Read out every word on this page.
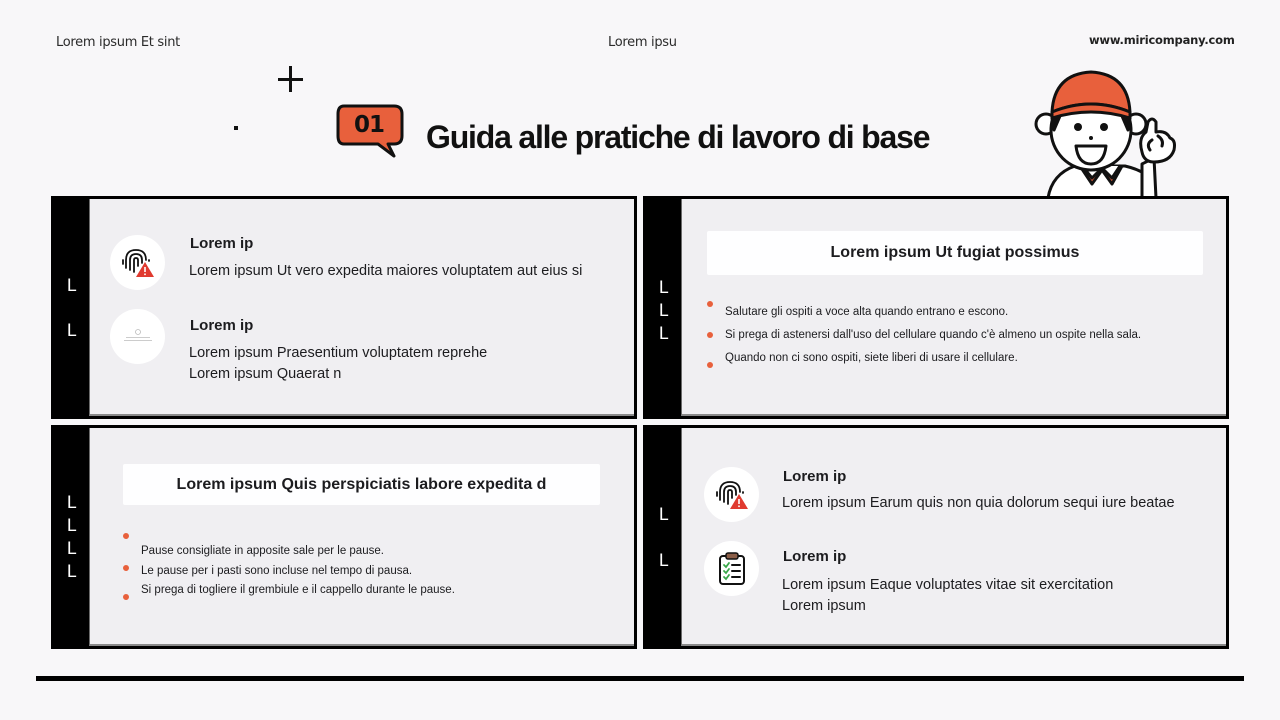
Lorem ipsum Et sint	Lorem ipsu	www.miricompany.com
01	Guida alle pratiche di lavoro di base
L
L
Lorem ip
Lorem ipsum Ut vero expedita maiores voluptatem aut eius si
Lorem ip
Lorem ipsum Praesentium voluptatem reprehe
Lorem ipsum Quaerat n
L
L
L
Lorem ipsum Ut fugiat possimus
Salutare gli ospiti a voce alta quando entrano e escono.
Si prega di astenersi dall'uso del cellulare quando c'è almeno un ospite nella sala.
Quando non ci sono ospiti, siete liberi di usare il cellulare.
L
L
L
L
Lorem ipsum Quis perspiciatis labore expedita d
Pause consigliate in apposite sale per le pause.
Le pause per i pasti sono incluse nel tempo di pausa.
Si prega di togliere il grembiule e il cappello durante le pause.
L
L
Lorem ip
Lorem ipsum Earum quis non quia dolorum sequi iure beatae
Lorem ip
Lorem ipsum Eaque voluptates vitae sit exercitation
Lorem ipsum
